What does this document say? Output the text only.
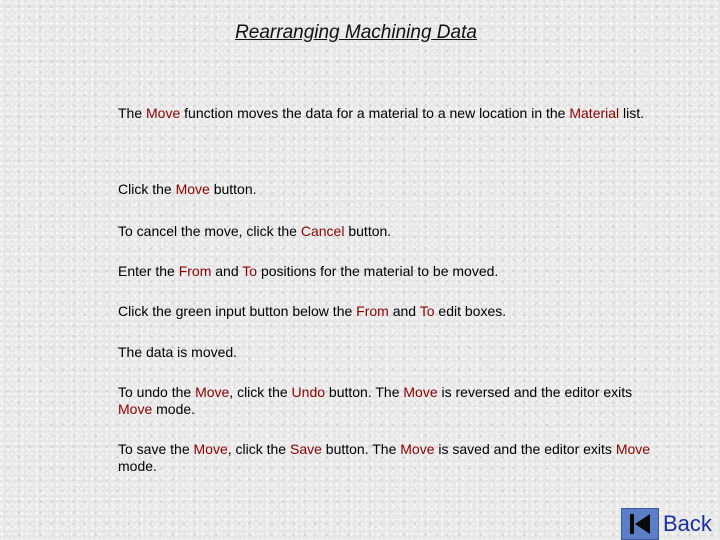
Rearranging Machining Data

The Move function moves the data for a material to a new location in the Material list.

Click the Move button.

To cancel the move, click the Cancel button.

Enter the From and To positions for the material to be moved.

Click the green input button below the From and To edit boxes.

The data is moved.

To undo the Move, click the Undo button. The Move is reversed and the editor exits Move mode.

To save the Move, click the Save button. The Move is saved and the editor exits Move mode.

Back
